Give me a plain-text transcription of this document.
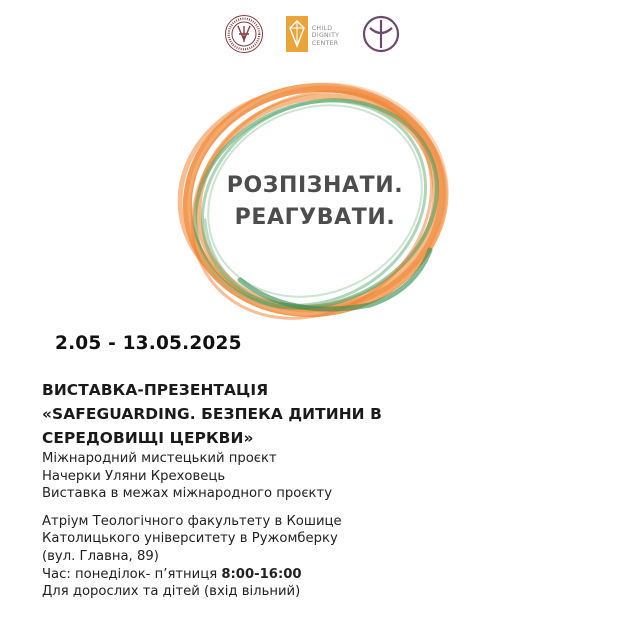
CHILD
DIGNITY
CENTER
РОЗПІЗНАТИ.
РЕАГУВАТИ.
2.05 - 13.05.2025
ВИСТАВКА-ПРЕЗЕНТАЦІЯ
«SAFEGUARDING. БЕЗПЕКА ДИТИНИ В
СЕРЕДОВИЩІ ЦЕРКВИ»
Міжнародний мистецький проєкт
Начерки Уляни Креховець
Виставка в межах міжнародного проєкту
Атріум Теологічного факультету в Кошице
Католицького університету в Ружомберку
(вул. Главна, 89)
Час: понеділок- п’ятниця 8:00-16:00
Для дорослих та дітей (вхід вільний)
